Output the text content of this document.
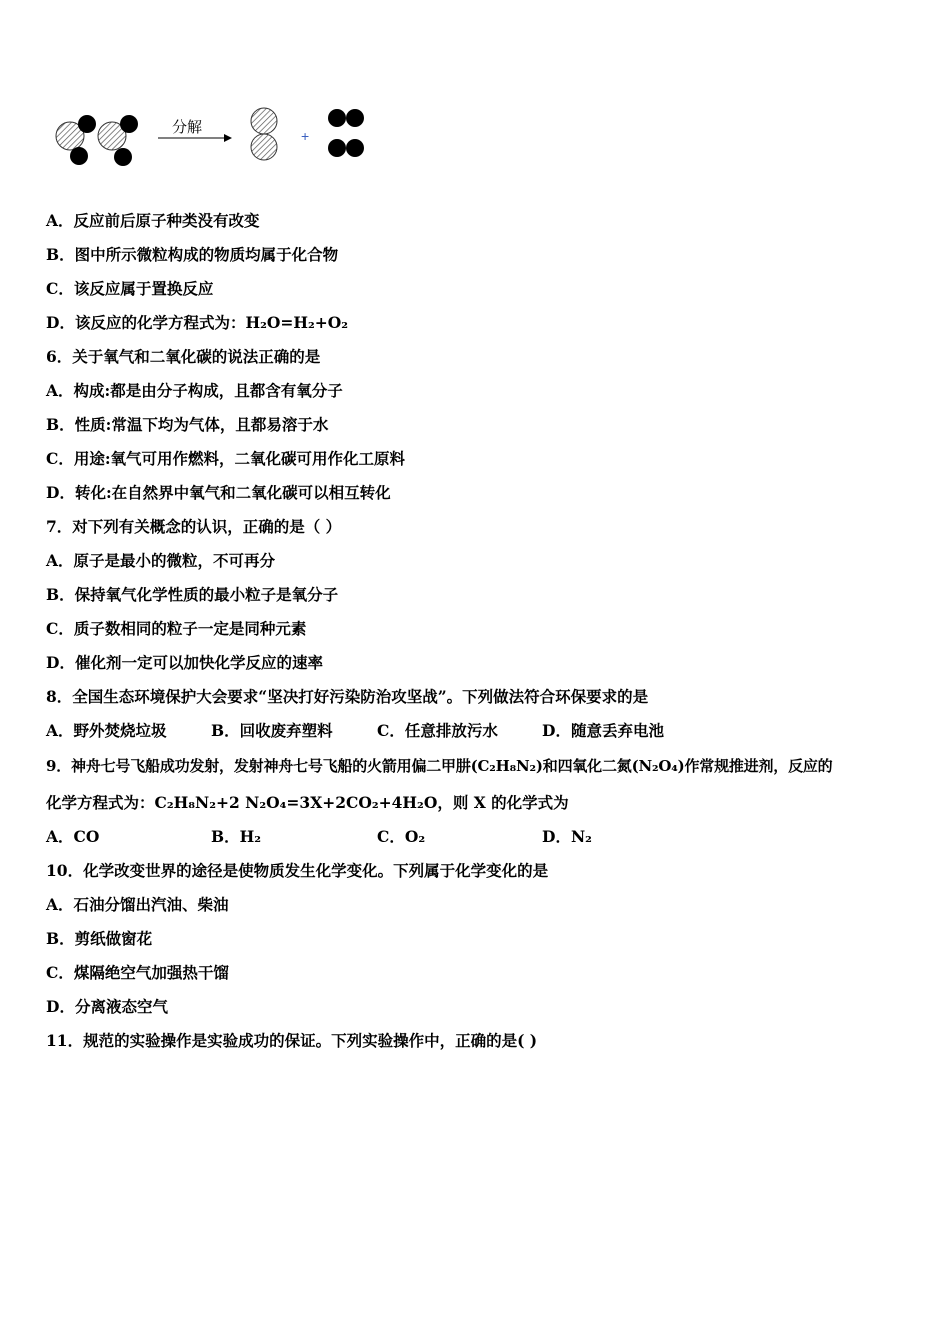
分解	+
A．反应前后原子种类没有改变
B．图中所示微粒构成的物质均属于化合物
C．该反应属于置换反应
D．该反应的化学方程式为：H₂O=H₂+O₂
6．关于氧气和二氧化碳的说法正确的是
A．构成:都是由分子构成，且都含有氧分子
B．性质:常温下均为气体，且都易溶于水
C．用途:氧气可用作燃料，二氧化碳可用作化工原料
D．转化:在自然界中氧气和二氧化碳可以相互转化
7．对下列有关概念的认识，正确的是（ ）
A．原子是最小的微粒，不可再分
B．保持氧气化学性质的最小粒子是氧分子
C．质子数相同的粒子一定是同种元素
D．催化剂一定可以加快化学反应的速率
8．全国生态环境保护大会要求“坚决打好污染防治攻坚战”。下列做法符合环保要求的是
A．野外焚烧垃圾	B．回收废弃塑料	C．任意排放污水	D．随意丢弃电池
9．神舟七号飞船成功发射，发射神舟七号飞船的火箭用偏二甲肼(C₂H₈N₂)和四氧化二氮(N₂O₄)作常规推进剂，反应的
化学方程式为：C₂H₈N₂+2 N₂O₄=3X+2CO₂+4H₂O，则 X 的化学式为
A．CO	B．H₂	C．O₂	D．N₂
10．化学改变世界的途径是使物质发生化学变化。下列属于化学变化的是
A．石油分馏出汽油、柴油
B．剪纸做窗花
C．煤隔绝空气加强热干馏
D．分离液态空气
11．规范的实验操作是实验成功的保证。下列实验操作中，正确的是( )
